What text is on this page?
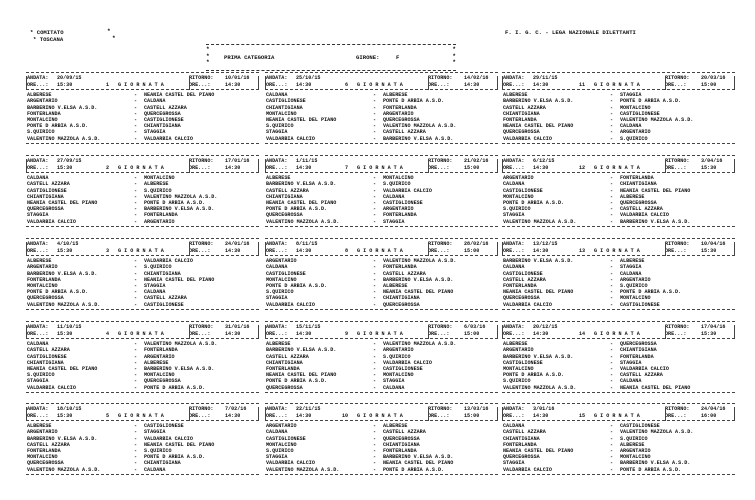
* COMITATO	*
* TOSCANA	*
F. I. G. C. - LEGA NAZIONALE DILETTANTI
*
*
*
*
*
*
PRIMA CATEGORIA	GIRONE:	F
ANDATA: 20/09/15	RITORNO: 10/01/16
ORE...: 15:30	1 G I O R N A T A	ORE...:	14:30
ALBERESE	- NEANIA CASTEL DEL PIANO
ARGENTARIO	- CALDANA
BARBERINO V.ELSA A.S.D.	- CASTELL AZZARA
FONTERLANDA	- QUERCEGROSSA
MONTALCINO	- CASTIGLIONESE
PONTE D ARBIA A.S.D.	- CHIANTIGIANA
S.QUIRICO	- STAGGIA
VALENTINO MAZZOLA A.S.D.	- VALDARBIA CALCIO
ANDATA: 27/09/15	RITORNO: 17/01/16
ORE...: 15:30	2 G I O R N A T A	ORE...:	14:30
CALDANA	- MONTALCINO
CASTELL AZZARA	- ALBERESE
CASTIGLIONESE	- S.QUIRICO
CHIANTIGIANA	- VALENTINO MAZZOLA A.S.D.
NEANIA CASTEL DEL PIANO	- PONTE D ARBIA A.S.D.
QUERCEGROSSA	- BARBERINO V.ELSA A.S.D.
STAGGIA	- FONTERLANDA
VALDARBIA CALCIO	- ARGENTARIO
ANDATA: 4/10/15	RITORNO: 24/01/16
ORE...: 15:30	3 G I O R N A T A	ORE...:	14:30
ALBERESE	- VALDARBIA CALCIO
ARGENTARIO	- S.QUIRICO
BARBERINO V.ELSA A.S.D.	- CHIANTIGIANA
FONTERLANDA	- NEANIA CASTEL DEL PIANO
MONTALCINO	- STAGGIA
PONTE D ARBIA A.S.D.	- CALDANA
QUERCEGROSSA	- CASTELL AZZARA
VALENTINO MAZZOLA A.S.D.	- CASTIGLIONESE
ANDATA: 11/10/15	RITORNO: 31/01/16
ORE...: 15:30	4 G I O R N A T A	ORE...:	14:30
CALDANA	- VALENTINO MAZZOLA A.S.D.
CASTELL AZZARA	- FONTERLANDA
CASTIGLIONESE	- ARGENTARIO
CHIANTIGIANA	- ALBERESE
NEANIA CASTEL DEL PIANO	- BARBERINO V.ELSA A.S.D.
S.QUIRICO	- MONTALCINO
STAGGIA	- QUERCEGROSSA
VALDARBIA CALCIO	- PONTE D ARBIA A.S.D.
ANDATA: 18/10/15	RITORNO: 7/02/16
ORE...: 15:30	5 G I O R N A T A	ORE...:	14:30
ALBERESE	- CASTIGLIONESE
ARGENTARIO	- STAGGIA
BARBERINO V.ELSA A.S.D.	- VALDARBIA CALCIO
CASTELL AZZARA	- NEANIA CASTEL DEL PIANO
FONTERLANDA	- S.QUIRICO
MONTALCINO	- PONTE D ARBIA A.S.D.
QUERCEGROSSA	- CHIANTIGIANA
VALENTINO MAZZOLA A.S.D.	- CALDANA
ANDATA: 25/10/15	RITORNO: 14/02/16
ORE...: 14:30	6 G I O R N A T A	ORE...:	14:30
CALDANA	- ALBERESE
CASTIGLIONESE	- PONTE D ARBIA A.S.D.
CHIANTIGIANA	- FONTERLANDA
MONTALCINO	- ARGENTARIO
NEANIA CASTEL DEL PIANO	- QUERCEGROSSA
S.QUIRICO	- VALENTINO MAZZOLA A.S.D.
STAGGIA	- CASTELL AZZARA
VALDARBIA CALCIO	- BARBERINO V.ELSA A.S.D.
ANDATA: 1/11/15	RITORNO: 21/02/16
ORE...: 14:30	7 G I O R N A T A	ORE...:	15:00
ALBERESE	- MONTALCINO
BARBERINO V.ELSA A.S.D.	- S.QUIRICO
CASTELL AZZARA	- VALDARBIA CALCIO
CHIANTIGIANA	- CALDANA
NEANIA CASTEL DEL PIANO	- CASTIGLIONESE
PONTE D ARBIA A.S.D.	- ARGENTARIO
QUERCEGROSSA	- FONTERLANDA
VALENTINO MAZZOLA A.S.D.	- STAGGIA
ANDATA: 8/11/15	RITORNO: 28/02/16
ORE...: 14:30	8 G I O R N A T A	ORE...:	15:00
ARGENTARIO	- VALENTINO MAZZOLA A.S.D.
CALDANA	- FONTERLANDA
CASTIGLIONESE	- CASTELL AZZARA
MONTALCINO	- BARBERINO V.ELSA A.S.D.
PONTE D ARBIA A.S.D.	- ALBERESE
S.QUIRICO	- NEANIA CASTEL DEL PIANO
STAGGIA	- CHIANTIGIANA
VALDARBIA CALCIO	- QUERCEGROSSA
ANDATA: 15/11/15	RITORNO: 6/03/16
ORE...: 14:30	9 G I O R N A T A	ORE...:	15:00
ALBERESE	- VALENTINO MAZZOLA A.S.D.
BARBERINO V.ELSA A.S.D.	- ARGENTARIO
CASTELL AZZARA	- S.QUIRICO
CHIANTIGIANA	- VALDARBIA CALCIO
FONTERLANDA	- CASTIGLIONESE
NEANIA CASTEL DEL PIANO	- MONTALCINO
PONTE D ARBIA A.S.D.	- STAGGIA
QUERCEGROSSA	- CALDANA
ANDATA: 22/11/15	RITORNO: 13/03/16
ORE...: 14:30	10 G I O R N A T A	ORE...:	15:00
ARGENTARIO	- ALBERESE
CALDANA	- CASTELL AZZARA
CASTIGLIONESE	- QUERCEGROSSA
MONTALCINO	- CHIANTIGIANA
S.QUIRICO	- FONTERLANDA
STAGGIA	- BARBERINO V.ELSA A.S.D.
VALDARBIA CALCIO	- NEANIA CASTEL DEL PIANO
VALENTINO MAZZOLA A.S.D.	- PONTE D ARBIA A.S.D.
ANDATA: 29/11/15	RITORNO: 20/03/16
ORE...: 14:30	11 G I O R N A T A	ORE...:	15:00
ALBERESE	- STAGGIA
BARBERINO V.ELSA A.S.D.	- PONTE D ARBIA A.S.D.
CASTELL AZZARA	- MONTALCINO
CHIANTIGIANA	- CASTIGLIONESE
FONTERLANDA	- VALENTINO MAZZOLA A.S.D.
NEANIA CASTEL DEL PIANO	- CALDANA
QUERCEGROSSA	- ARGENTARIO
VALDARBIA CALCIO	- S.QUIRICO
ANDATA: 6/12/15	RITORNO: 3/04/16
ORE...: 14:30	12 G I O R N A T A	ORE...:	15:30
ARGENTARIO	- FONTERLANDA
CALDANA	- CHIANTIGIANA
CASTIGLIONESE	- NEANIA CASTEL DEL PIANO
MONTALCINO	- ALBERESE
PONTE D ARBIA A.S.D.	- QUERCEGROSSA
S.QUIRICO	- CASTELL AZZARA
STAGGIA	- VALDARBIA CALCIO
VALENTINO MAZZOLA A.S.D.	- BARBERINO V.ELSA A.S.D.
ANDATA: 13/12/15	RITORNO: 10/04/16
ORE...: 14:30	13 G I O R N A T A	ORE...:	15:30
BARBERINO V.ELSA A.S.D.	- ALBERESE
CALDANA	- STAGGIA
CASTIGLIONESE	- CALDANA
CASTELL AZZARA	- ARGENTARIO
FONTERLANDA	- S.QUIRICO
NEANIA CASTEL DEL PIANO	- PONTE D ARBIA A.S.D.
QUERCEGROSSA	- MONTALCINO
VALDARBIA CALCIO	- CASTIGLIONESE
ANDATA: 20/12/15	RITORNO: 17/04/16
ORE...: 14:30	14 G I O R N A T A	ORE...:	15:30
ALBERESE	- QUERCEGROSSA
ARGENTARIO	- CHIANTIGIANA
BARBERINO V.ELSA A.S.D.	- FONTERLANDA
CASTIGLIONESE	- STAGGIA
MONTALCINO	- VALDARBIA CALCIO
PONTE D ARBIA A.S.D.	- CASTELL AZZARA
S.QUIRICO	- CALDANA
VALENTINO MAZZOLA A.S.D.	- NEANIA CASTEL DEL PIANO
ANDATA: 3/01/16	RITORNO: 24/04/16
ORE...: 14:30	15 G I O R N A T A	ORE...:	16:00
CALDANA	- CASTIGLIONESE
CASTELL AZZARA	- VALENTINO MAZZOLA A.S.D.
CHIANTIGIANA	- S.QUIRICO
FONTERLANDA	- ALBERESE
NEANIA CASTEL DEL PIANO	- ARGENTARIO
QUERCEGROSSA	- MONTALCINO
STAGGIA	- BARBERINO V.ELSA A.S.D.
VALDARBIA CALCIO	- PONTE D ARBIA A.S.D.
